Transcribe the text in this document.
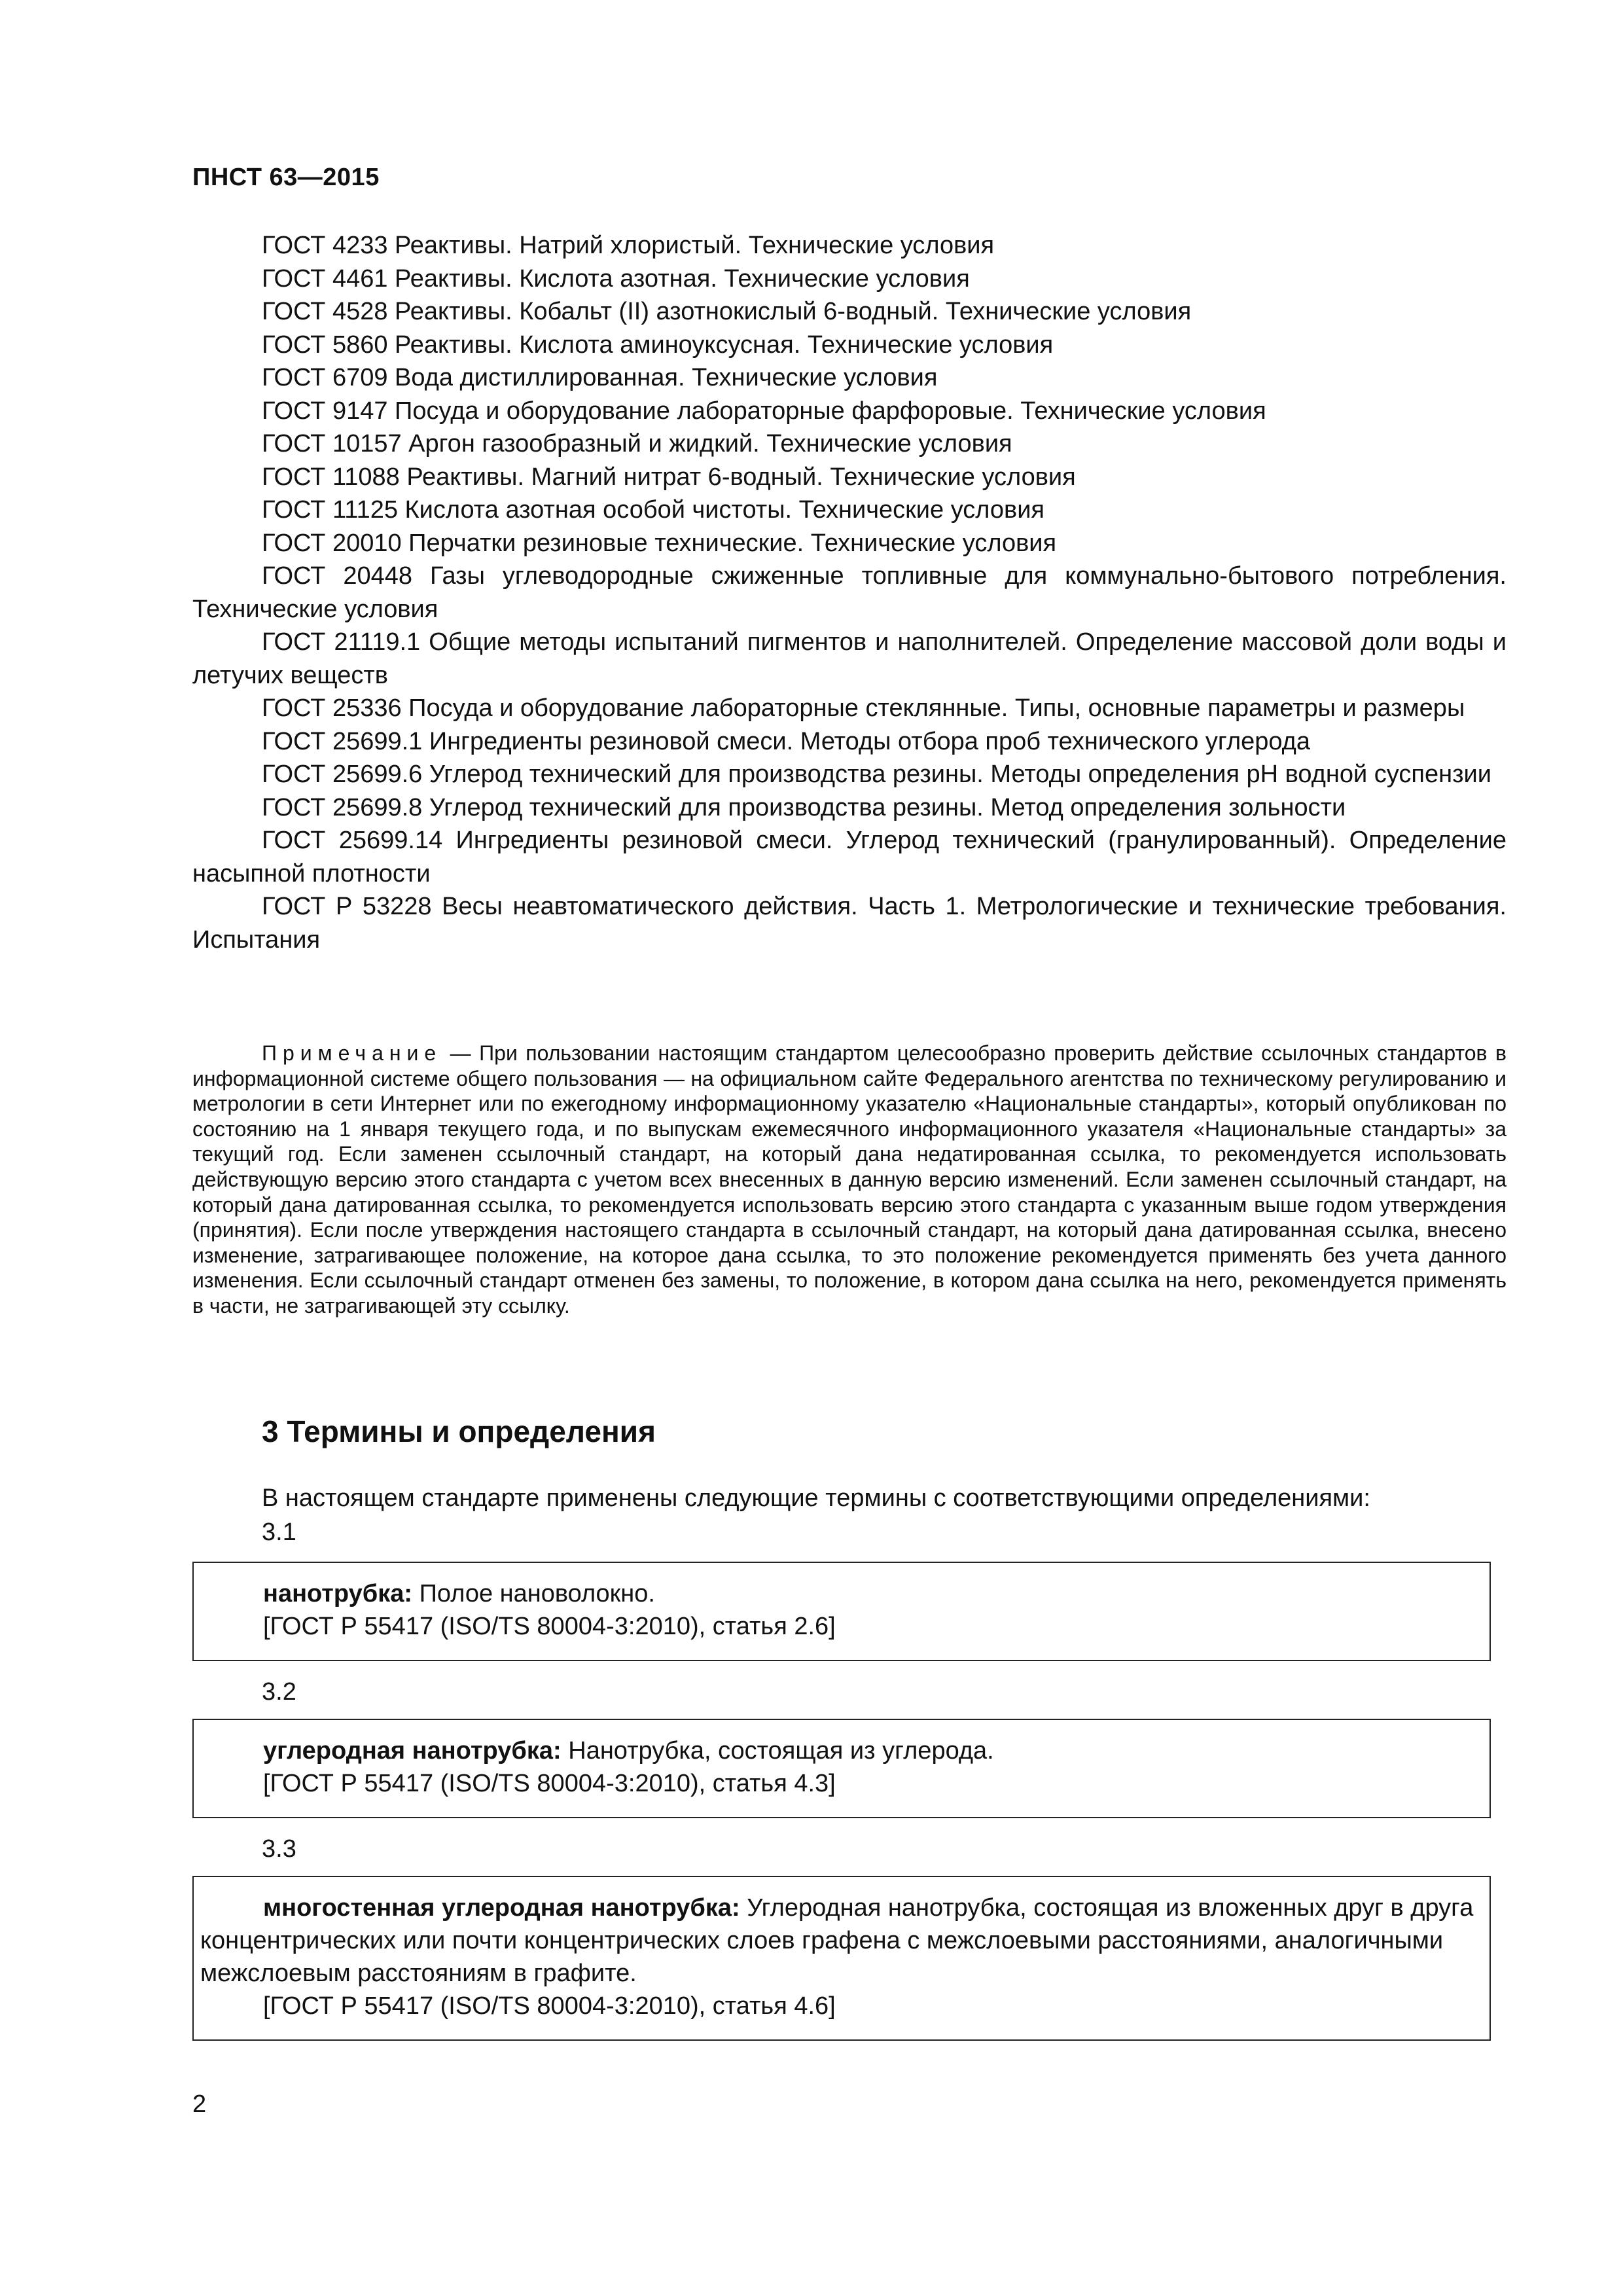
ПНСТ 63—2015

ГОСТ 4233 Реактивы. Натрий хлористый. Технические условия

ГОСТ 4461 Реактивы. Кислота азотная. Технические условия

ГОСТ 4528 Реактивы. Кобальт (II) азотнокислый 6-водный. Технические условия

ГОСТ 5860 Реактивы. Кислота аминоуксусная. Технические условия

ГОСТ 6709 Вода дистиллированная. Технические условия

ГОСТ 9147 Посуда и оборудование лабораторные фарфоровые. Технические условия

ГОСТ 10157 Аргон газообразный и жидкий. Технические условия

ГОСТ 11088 Реактивы. Магний нитрат 6-водный. Технические условия

ГОСТ 11125 Кислота азотная особой чистоты. Технические условия

ГОСТ 20010 Перчатки резиновые технические. Технические условия

ГОСТ 20448 Газы углеводородные сжиженные топливные для коммунально-бытового потребления. Технические условия

ГОСТ 21119.1 Общие методы испытаний пигментов и наполнителей. Определение массовой доли воды и летучих веществ

ГОСТ 25336 Посуда и оборудование лабораторные стеклянные. Типы, основные параметры и размеры

ГОСТ 25699.1 Ингредиенты резиновой смеси. Методы отбора проб технического углерода

ГОСТ 25699.6 Углерод технический для производства резины. Методы определения pH водной суспензии

ГОСТ 25699.8 Углерод технический для производства резины. Метод определения зольности

ГОСТ 25699.14 Ингредиенты резиновой смеси. Углерод технический (гранулированный). Определение насыпной плотности

ГОСТ Р 53228 Весы неавтоматического действия. Часть 1. Метрологические и технические требования. Испытания

Примечание — При пользовании настоящим стандартом целесообразно проверить действие ссылочных стандартов в информационной системе общего пользования — на официальном сайте Федерального агентства по техническому регулированию и метрологии в сети Интернет или по ежегодному информационному указателю «Национальные стандарты», который опубликован по состоянию на 1 января текущего года, и по выпускам ежемесячного информационного указателя «Национальные стандарты» за текущий год. Если заменен ссылочный стандарт, на который дана недатированная ссылка, то рекомендуется использовать действующую версию этого стандарта с учетом всех внесенных в данную версию изменений. Если заменен ссылочный стандарт, на который дана датированная ссылка, то рекомендуется использовать версию этого стандарта с указанным выше годом утверждения (принятия). Если после утверждения настоящего стандарта в ссылочный стандарт, на который дана датированная ссылка, внесено изменение, затрагивающее положение, на которое дана ссылка, то это положение рекомендуется применять без учета данного изменения. Если ссылочный стандарт отменен без замены, то положение, в котором дана ссылка на него, рекомендуется применять в части, не затрагивающей эту ссылку.

3 Термины и определения

В настоящем стандарте применены следующие термины с соответствующими определениями:

3.1

нанотрубка: Полое нановолокно.

[ГОСТ Р 55417 (ISO/TS 80004-3:2010), статья 2.6]

3.2

углеродная нанотрубка: Нанотрубка, состоящая из углерода.

[ГОСТ Р 55417 (ISO/TS 80004-3:2010), статья 4.3]

3.3

многостенная углеродная нанотрубка: Углеродная нанотрубка, состоящая из вложенных друг в друга концентрических или почти концентрических слоев графена с межслоевыми расстояниями, аналогичными межслоевым расстояниям в графите.

[ГОСТ Р 55417 (ISO/TS 80004-3:2010), статья 4.6]

2
